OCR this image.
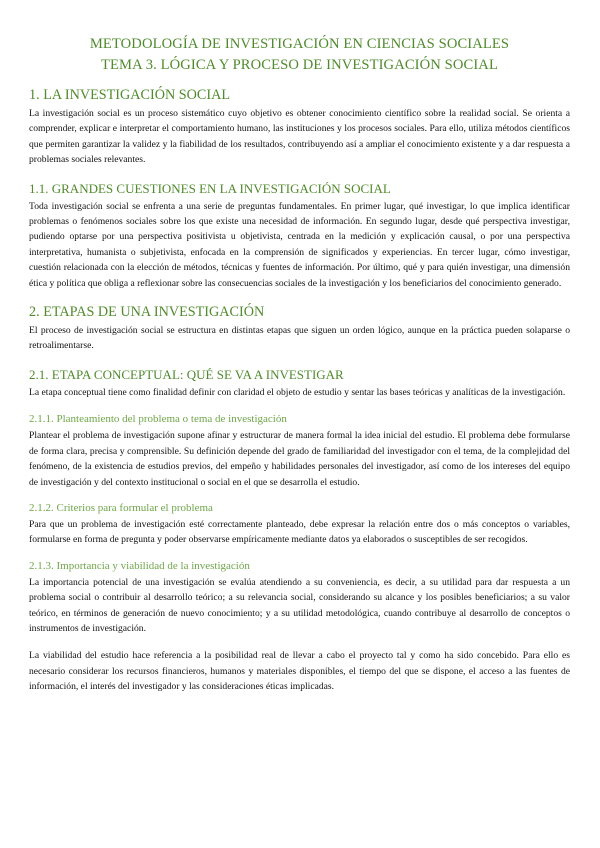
METODOLOGÍA DE INVESTIGACIÓN EN CIENCIAS SOCIALES
TEMA 3. LÓGICA Y PROCESO DE INVESTIGACIÓN SOCIAL
1. LA INVESTIGACIÓN SOCIAL

La investigación social es un proceso sistemático cuyo objetivo es obtener conocimiento científico sobre la realidad social. Se orienta a comprender, explicar e interpretar el comportamiento humano, las instituciones y los procesos sociales. Para ello, utiliza métodos científicos que permiten garantizar la validez y la fiabilidad de los resultados, contribuyendo así a ampliar el conocimiento existente y a dar respuesta a problemas sociales relevantes.

1.1. GRANDES CUESTIONES EN LA INVESTIGACIÓN SOCIAL

Toda investigación social se enfrenta a una serie de preguntas fundamentales. En primer lugar, qué investigar, lo que implica identificar problemas o fenómenos sociales sobre los que existe una necesidad de información. En segundo lugar, desde qué perspectiva investigar, pudiendo optarse por una perspectiva positivista u objetivista, centrada en la medición y explicación causal, o por una perspectiva interpretativa, humanista o subjetivista, enfocada en la comprensión de significados y experiencias. En tercer lugar, cómo investigar, cuestión relacionada con la elección de métodos, técnicas y fuentes de información. Por último, qué y para quién investigar, una dimensión ética y política que obliga a reflexionar sobre las consecuencias sociales de la investigación y los beneficiarios del conocimiento generado.

2. ETAPAS DE UNA INVESTIGACIÓN

El proceso de investigación social se estructura en distintas etapas que siguen un orden lógico, aunque en la práctica pueden solaparse o retroalimentarse.

2.1. ETAPA CONCEPTUAL: QUÉ SE VA A INVESTIGAR

La etapa conceptual tiene como finalidad definir con claridad el objeto de estudio y sentar las bases teóricas y analíticas de la investigación.

2.1.1. Planteamiento del problema o tema de investigación

Plantear el problema de investigación supone afinar y estructurar de manera formal la idea inicial del estudio. El problema debe formularse de forma clara, precisa y comprensible. Su definición depende del grado de familiaridad del investigador con el tema, de la complejidad del fenómeno, de la existencia de estudios previos, del empeño y habilidades personales del investigador, así como de los intereses del equipo de investigación y del contexto institucional o social en el que se desarrolla el estudio.

2.1.2. Criterios para formular el problema

Para que un problema de investigación esté correctamente planteado, debe expresar la relación entre dos o más conceptos o variables, formularse en forma de pregunta y poder observarse empíricamente mediante datos ya elaborados o susceptibles de ser recogidos.

2.1.3. Importancia y viabilidad de la investigación

La importancia potencial de una investigación se evalúa atendiendo a su conveniencia, es decir, a su utilidad para dar respuesta a un problema social o contribuir al desarrollo teórico; a su relevancia social, considerando su alcance y los posibles beneficiarios; a su valor teórico, en términos de generación de nuevo conocimiento; y a su utilidad metodológica, cuando contribuye al desarrollo de conceptos o instrumentos de investigación.

La viabilidad del estudio hace referencia a la posibilidad real de llevar a cabo el proyecto tal y como ha sido concebido. Para ello es necesario considerar los recursos financieros, humanos y materiales disponibles, el tiempo del que se dispone, el acceso a las fuentes de información, el interés del investigador y las consideraciones éticas implicadas.
